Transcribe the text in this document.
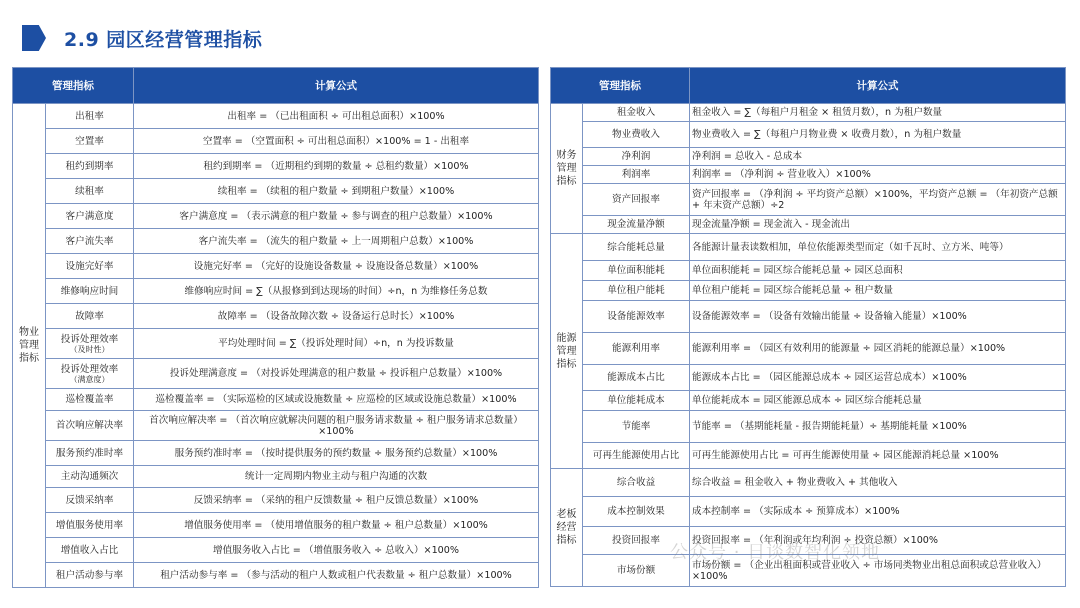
2.9 园区经营管理指标
管理指标		计算公式
物业管理指标	出租率	出租率 = （已出租面积 ÷ 可出租总面积）×100%
	空置率	空置率 = （空置面积 ÷ 可出租总面积）×100% = 1 - 出租率
	租约到期率	租约到期率 = （近期租约到期的数量 ÷ 总租约数量）×100%
	续租率	续租率 = （续租的租户数量 ÷ 到期租户数量）×100%
	客户满意度	客户满意度 = （表示满意的租户数量 ÷ 参与调查的租户总数量）×100%
	客户流失率	客户流失率 = （流失的租户数量 ÷ 上一周期租户总数）×100%
	设施完好率	设施完好率 = （完好的设施设备数量 ÷ 设施设备总数量）×100%
	维修响应时间	维修响应时间 = ∑（从报修到到达现场的时间）÷n，n 为维修任务总数
	故障率	故障率 = （设备故障次数 ÷ 设备运行总时长）×100%
	投诉处理效率
（及时性）	平均处理时间 = ∑（投诉处理时间）÷n，n 为投诉数量
	投诉处理效率
（满意度）	投诉处理满意度 = （对投诉处理满意的租户数量 ÷ 投诉租户总数量）×100%
	巡检覆盖率	巡检覆盖率 = （实际巡检的区域或设施数量 ÷ 应巡检的区域或设施总数量）×100%
	首次响应解决率	首次响应解决率 = （首次响应就解决问题的租户服务请求数量 ÷ 租户服务请求总数量）×100%
	服务预约准时率	服务预约准时率 = （按时提供服务的预约数量 ÷ 服务预约总数量）×100%
	主动沟通频次	统计一定周期内物业主动与租户沟通的次数
	反馈采纳率	反馈采纳率 = （采纳的租户反馈数量 ÷ 租户反馈总数量）×100%
	增值服务使用率	增值服务使用率 = （使用增值服务的租户数量 ÷ 租户总数量）×100%
	增值收入占比	增值服务收入占比 = （增值服务收入 ÷ 总收入）×100%
	租户活动参与率	租户活动参与率 = （参与活动的租户人数或租户代表数量 ÷ 租户总数量）×100%
管理指标		计算公式
财务管理指标	租金收入	租金收入 = ∑（每租户月租金 × 租赁月数），n 为租户数量
	物业费收入	物业费收入 = ∑（每租户月物业费 × 收费月数），n 为租户数量
	净利润	净利润 = 总收入 - 总成本
	利润率	利润率 = （净利润 ÷ 营业收入）×100%
	资产回报率	资产回报率 = （净利润 ÷ 平均资产总额）×100%，平均资产总额 = （年初资产总额 + 年末资产总额）÷2
	现金流量净额	现金流量净额 = 现金流入 - 现金流出
能源管理指标	综合能耗总量	各能源计量表读数相加，单位依能源类型而定（如千瓦时、立方米、吨等）
	单位面积能耗	单位面积能耗 = 园区综合能耗总量 ÷ 园区总面积
	单位租户能耗	单位租户能耗 = 园区综合能耗总量 ÷ 租户数量
	设备能源效率	设备能源效率 = （设备有效输出能量 ÷ 设备输入能量）×100%
	能源利用率	能源利用率 = （园区有效利用的能源量 ÷ 园区消耗的能源总量）×100%
	能源成本占比	能源成本占比 = （园区能源总成本 ÷ 园区运营总成本）×100%
	单位能耗成本	单位能耗成本 = 园区能源总成本 ÷ 园区综合能耗总量
	节能率	节能率 = （基期能耗量 - 报告期能耗量）÷ 基期能耗量 ×100%
	可再生能源使用占比	可再生能源使用占比 = 可再生能源使用量 ÷ 园区能源消耗总量 ×100%
老板经营指标	综合收益	综合收益 = 租金收入 + 物业费收入 + 其他收入
	成本控制效果	成本控制率 = （实际成本 ÷ 预算成本）×100%
	投资回报率	投资回报率 = （年利润或年均利润 ÷ 投资总额）×100%
	市场份额	市场份额 = （企业出租面积或营业收入 ÷ 市场同类物业出租总面积或总营业收入）×100%
公众号 · 日谈数智化领地
